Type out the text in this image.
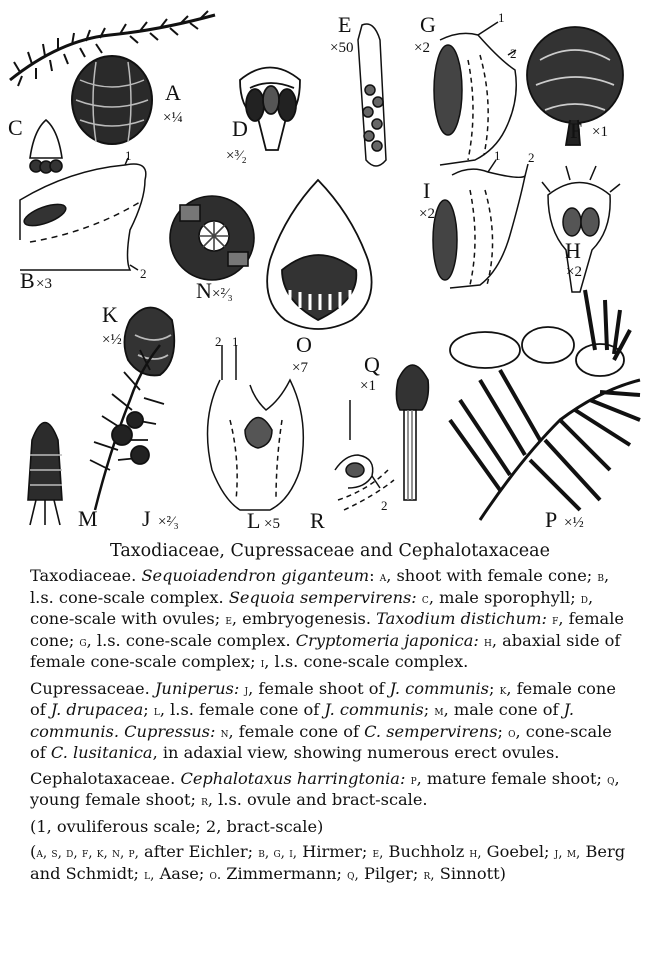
A
×¼
C	D
×³⁄₂
E
×50
G
×2
1
2
F ×1
1
2
B ×3	N ×²⁄₃
O
×7
1 2
I
×2
H
×2
K
×½	2 1
L ×5
M J ×²⁄₃
Q
×1
R
2
P ×½

Taxodiaceae, Cupressaceae and Cephalotaxaceae

Taxodiaceae. Sequoiadendron giganteum: a, shoot with female cone; b, l.s. cone-scale complex. Sequoia sempervirens: c, male sporophyll; d, cone-scale with ovules; e, embryogenesis. Taxodium distichum: f, female cone; g, l.s. cone-scale complex. Cryptomeria japonica: h, abaxial side of female cone-scale complex; i, l.s. cone-scale complex.

Cupressaceae. Juniperus: j, female shoot of J. communis; k, female cone of J. drupacea; l, l.s. female cone of J. communis; m, male cone of J. communis. Cupressus: n, female cone of C. sempervirens; o, cone-scale of C. lusitanica, in adaxial view, showing numerous erect ovules.

Cephalotaxaceae. Cephalotaxus harringtonia: p, mature female shoot; q, young female shoot; r, l.s. ovule and bract-scale.

(1, ovuliferous scale; 2, bract-scale)

(a, s, d, f, k, n, p, after Eichler; b, g, i, Hirmer; e, Buchholz h, Goebel; j, m, Berg and Schmidt; l, Aase; o. Zimmermann; q, Pilger; r, Sinnott)
